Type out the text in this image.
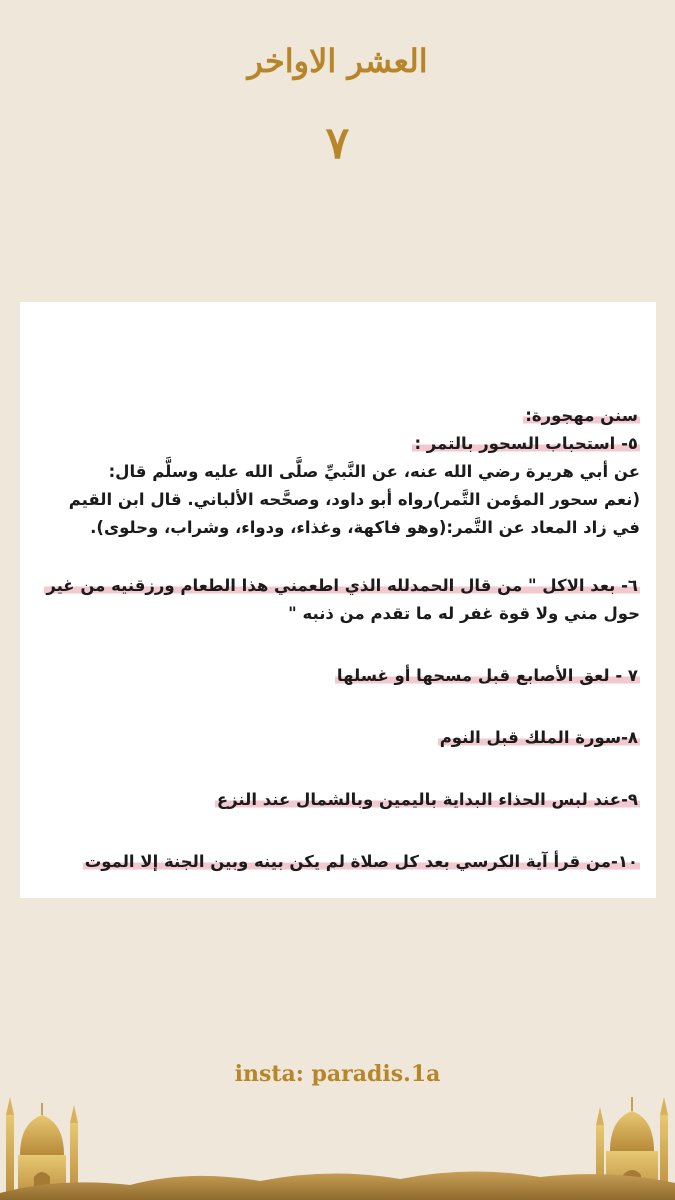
العشر الاواخر
٧
سنن مهجورة:
٥- استحباب السحور بالتمر :
عن أبي هريرة رضي الله عنه، عن النَّبيِّ صلَّى الله عليه وسلَّم قال:
(نعم سحور المؤمن التَّمر)رواه أبو داود، وصحَّحه الألباني. قال ابن القيم
في زاد المعاد عن التَّمر:(وهو فاكهة، وغذاء، ودواء، وشراب، وحلوى).
٦- بعد الاكل " من قال الحمدلله الذي اطعمني هذا الطعام ورزقنيه من غير
حول مني ولا قوة غفر له ما تقدم من ذنبه "
٧ - لعق الأصابع قبل مسحها أو غسلها
٨-سورة الملك قبل النوم
٩-عند لبس الحذاء البداية باليمين وبالشمال عند النزع
١٠-من قرأ آية الكرسي بعد كل صلاة لم يكن بينه وبين الجنة إلا الموت
insta: paradis.1a
